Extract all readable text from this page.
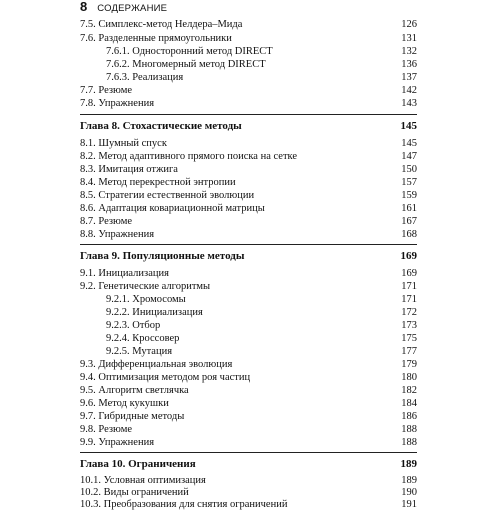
8 СОДЕРЖАНИЕ
7.5. Симплекс-метод Нелдера–Мида	126
7.6. Разделенные прямоугольники	131
7.6.1. Односторонний метод DIRECT	132
7.6.2. Многомерный метод DIRECT	136
7.6.3. Реализация	137
7.7. Резюме	142
7.8. Упражнения	143
Глава 8. Стохастические методы	145
8.1. Шумный спуск	145
8.2. Метод адаптивного прямого поиска на сетке	147
8.3. Имитация отжига	150
8.4. Метод перекрестной энтропии	157
8.5. Стратегии естественной эволюции	159
8.6. Адаптация ковариационной матрицы	161
8.7. Резюме	167
8.8. Упражнения	168
Глава 9. Популяционные методы	169
9.1. Инициализация	169
9.2. Генетические алгоритмы	171
9.2.1. Хромосомы	171
9.2.2. Инициализация	172
9.2.3. Отбор	173
9.2.4. Кроссовер	175
9.2.5. Мутация	177
9.3. Дифференциальная эволюция	179
9.4. Оптимизация методом роя частиц	180
9.5. Алгоритм светлячка	182
9.6. Метод кукушки	184
9.7. Гибридные методы	186
9.8. Резюме	188
9.9. Упражнения	188
Глава 10. Ограничения	189
10.1. Условная оптимизация	189
10.2. Виды ограничений	190
10.3. Преобразования для снятия ограничений	191
